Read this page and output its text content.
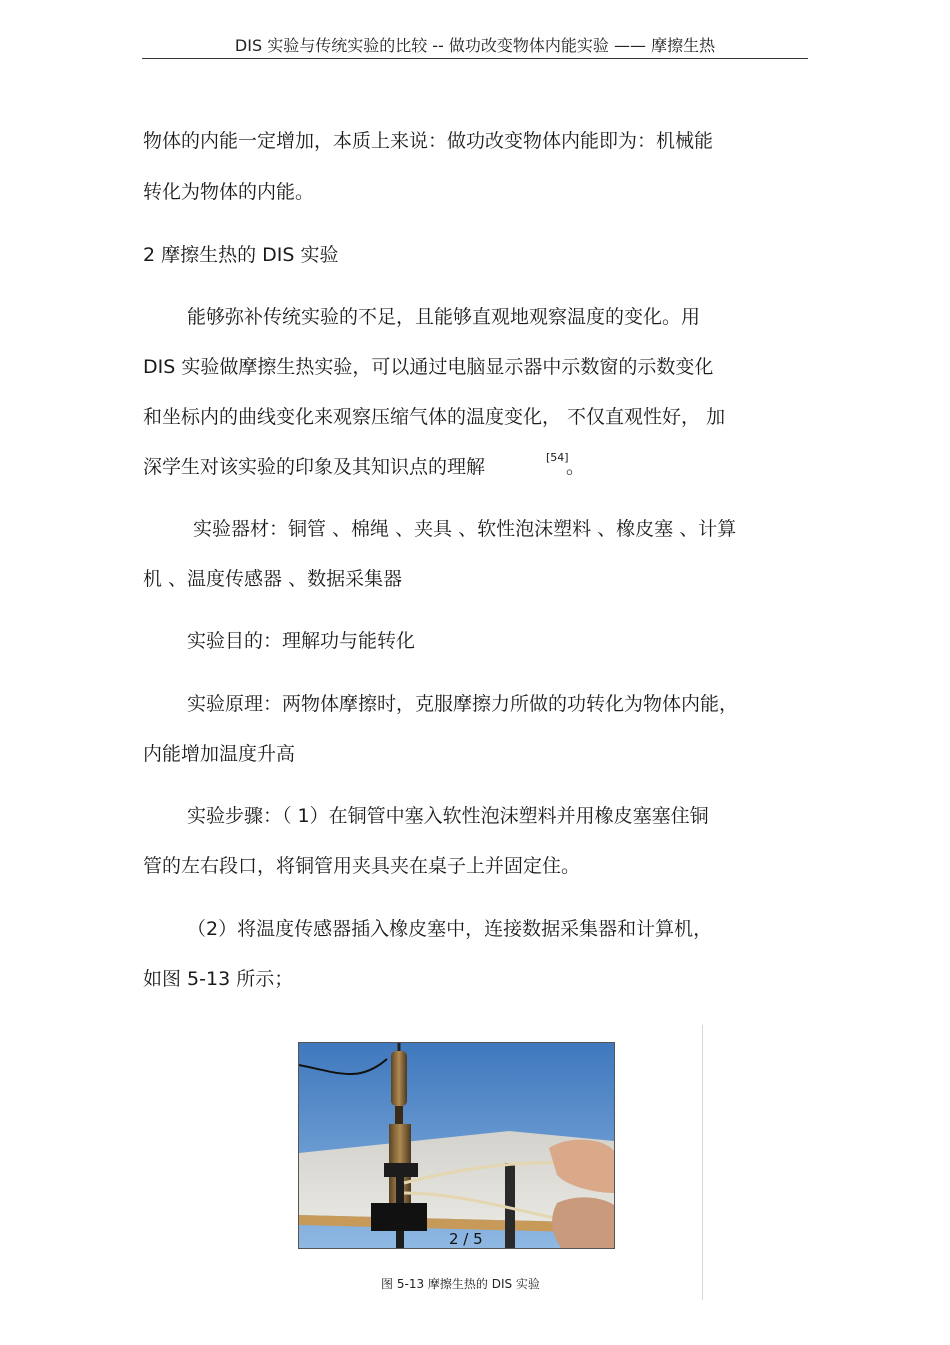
DIS 实验与传统实验的比较 -- 做功改变物体内能实验 —— 摩擦生热
物体的内能一定增加，本质上来说：做功改变物体内能即为：机械能
转化为物体的内能。
2 摩擦生热的 DIS 实验
能够弥补传统实验的不足，且能够直观地观察温度的变化。用
DIS 实验做摩擦生热实验，可以通过电脑显示器中示数窗的示数变化
和坐标内的曲线变化来观察压缩气体的温度变化， 不仅直观性好， 加
深学生对该实验的印象及其知识点的理解	[54]
。
实验器材：铜管 、棉绳 、夹具 、软性泡沫塑料 、橡皮塞 、计算
机 、温度传感器 、数据采集器
实验目的：理解功与能转化
实验原理：两物体摩擦时，克服摩擦力所做的功转化为物体内能，
内能增加温度升高
实验步骤：（ 1）在铜管中塞入软性泡沫塑料并用橡皮塞塞住铜
管的左右段口，将铜管用夹具夹在桌子上并固定住。
（2）将温度传感器插入橡皮塞中，连接数据采集器和计算机，
如图 5-13 所示；
2 / 5
图 5-13 摩擦生热的 DIS 实验
